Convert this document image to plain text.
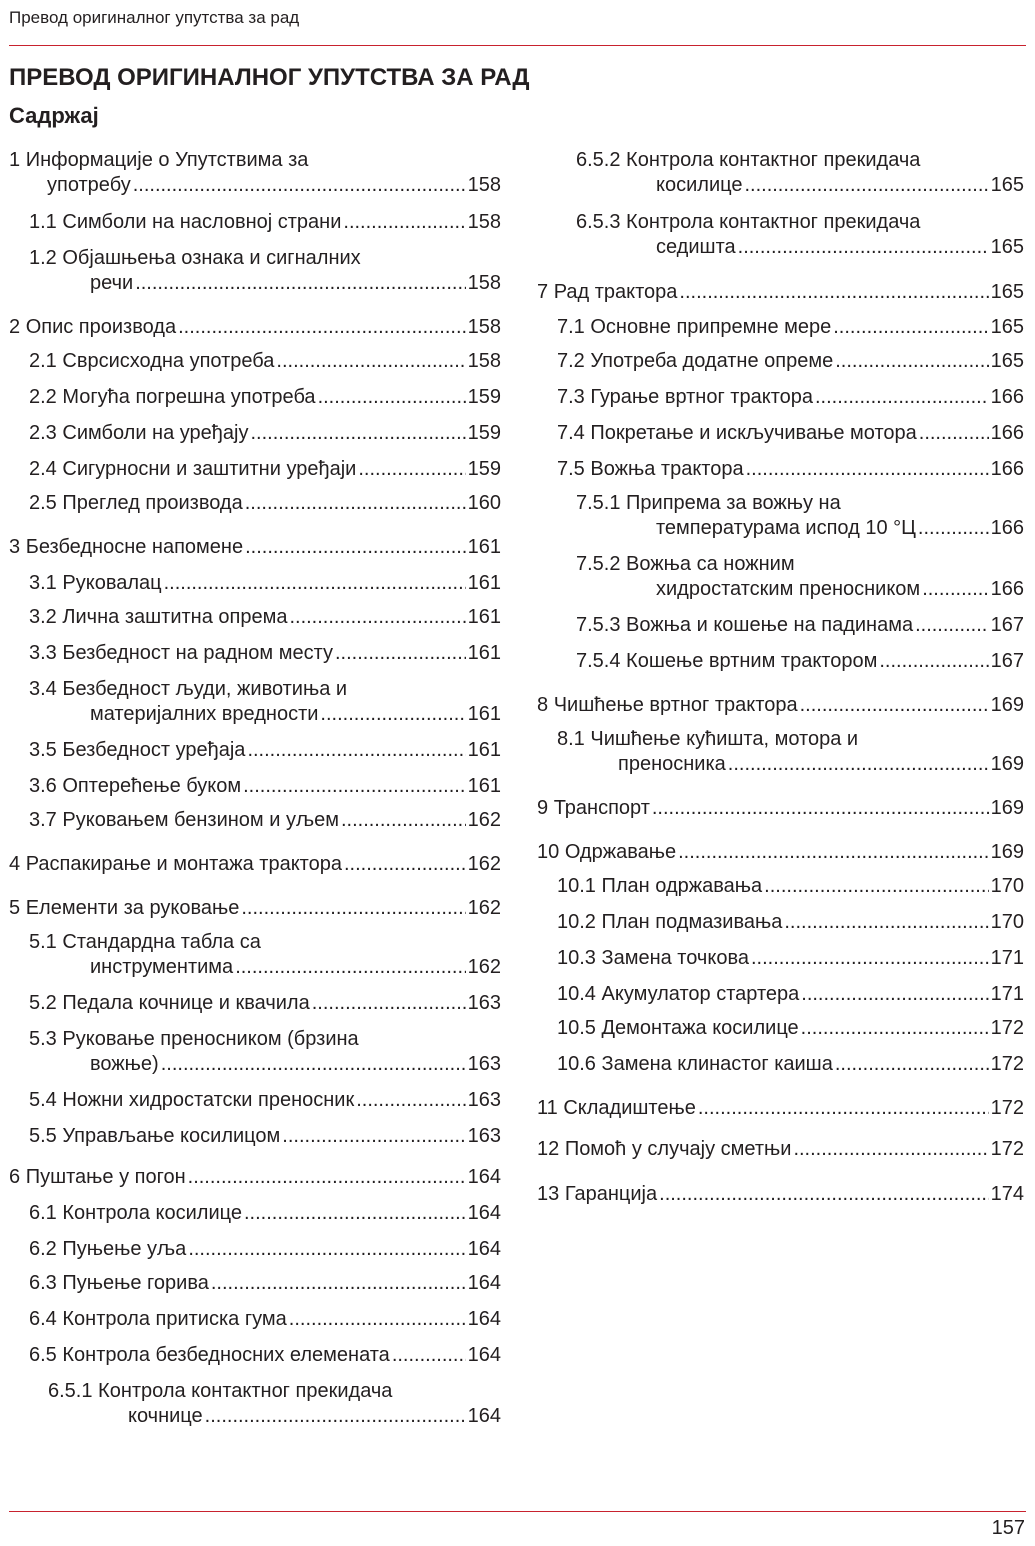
Превод оригиналног упутства за рад
ПРЕВОД ОРИГИНАЛНОГ УПУТСТВА ЗА РАД
Садржај
1 Информације о Упутствима за
употребу .....	158
1.1 Симболи на насловној страни .....	158
1.2 Објашњења ознака и сигналних
речи .....	158
2 Опис производа .....	158
2.1 Сврсисходна употреба .....	158
2.2 Могућа погрешна употреба .....	159
2.3 Симболи на уређају .....	159
2.4 Сигурносни и заштитни уређаји .....	159
2.5 Преглед производа .....	160
3 Безбедносне напомене .....	161
3.1 Руковалац .....	161
3.2 Лична заштитна опрема .....	161
3.3 Безбедност на радном месту .....	161
3.4 Безбедност људи, животиња и
материјалних вредности .....	161
3.5 Безбедност уређаја .....	161
3.6 Оптерећење буком .....	161
3.7 Руковањем бензином и уљем .....	162
4 Распакирање и монтажа трактора .....	162
5 Елементи за руковање .....	162
5.1 Стандардна табла са
инструментима .....	162
5.2 Педала кочнице и квачила .....	163
5.3 Руковање преносником (брзина
вожње) .....	163
5.4 Ножни хидростатски преносник .....	163
5.5 Управљање косилицом .....	163
6 Пуштање у погон .....	164
6.1 Контрола косилице .....	164
6.2 Пуњење уља .....	164
6.3 Пуњење горива .....	164
6.4 Контрола притиска гума .....	164
6.5 Контрола безбедносних елемената .....	164
6.5.1 Контрола контактног прекидача
кочнице .....	164
6.5.2 Контрола контактног прекидача
косилице .....	165
6.5.3 Контрола контактног прекидача
седишта .....	165
7 Рад трактора .....	165
7.1 Основне припремне мере .....	165
7.2 Употреба додатне опреме .....	165
7.3 Гурање вртног трактора .....	166
7.4 Покретање и искључивање мотора .....	166
7.5 Вожња трактора .....	166
7.5.1 Припрема за вожњу на
температурама испод 10 °Ц .....	166
7.5.2 Вожња са ножним
хидростатским преносником .....	166
7.5.3 Вожња и кошење на падинама .....	167
7.5.4 Кошење вртним трактором .....	167
8 Чишћење вртног трактора .....	169
8.1 Чишћење кућишта, мотора и
преносника .....	169
9 Транспорт .....	169
10 Одржавање .....	169
10.1 План одржавања .....	170
10.2 План подмазивања .....	170
10.3 Замена точкова .....	171
10.4 Акумулатор стартера .....	171
10.5 Демонтажа косилице .....	172
10.6 Замена клинастог каиша .....	172
11 Складиштење .....	172
12 Помоћ у случају сметњи .....	172
13 Гаранција .....	174
157
